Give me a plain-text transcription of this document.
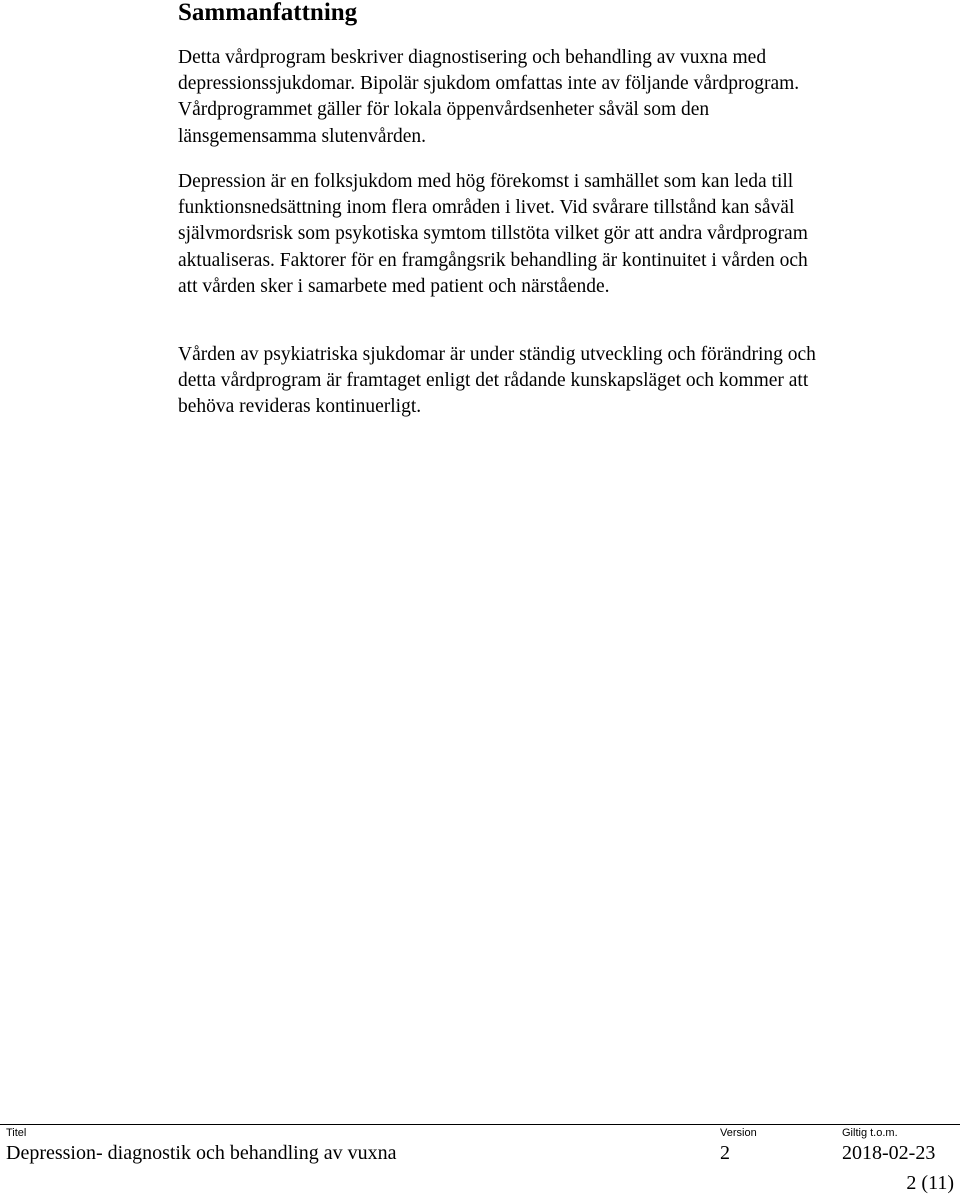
Sammanfattning

Detta vårdprogram beskriver diagnostisering och behandling av vuxna med depressionssjukdomar. Bipolär sjukdom omfattas inte av följande vårdprogram. Vårdprogrammet gäller för lokala öppenvårdsenheter såväl som den länsgemensamma slutenvården.

Depression är en folksjukdom med hög förekomst i samhället som kan leda till funktionsnedsättning inom flera områden i livet. Vid svårare tillstånd kan såväl självmordsrisk som psykotiska symtom tillstöta vilket gör att andra vårdprogram aktualiseras. Faktorer för en framgångsrik behandling är kontinuitet i vården och att vården sker i samarbete med patient och närstående.

Vården av psykiatriska sjukdomar är under ständig utveckling och förändring och detta vårdprogram är framtaget enligt det rådande kunskapsläget och kommer att behöva revideras kontinuerligt.

Titel	Version	Giltig t.o.m.
Depression- diagnostik och behandling av vuxna	2	2018-02-23
2 (11)
